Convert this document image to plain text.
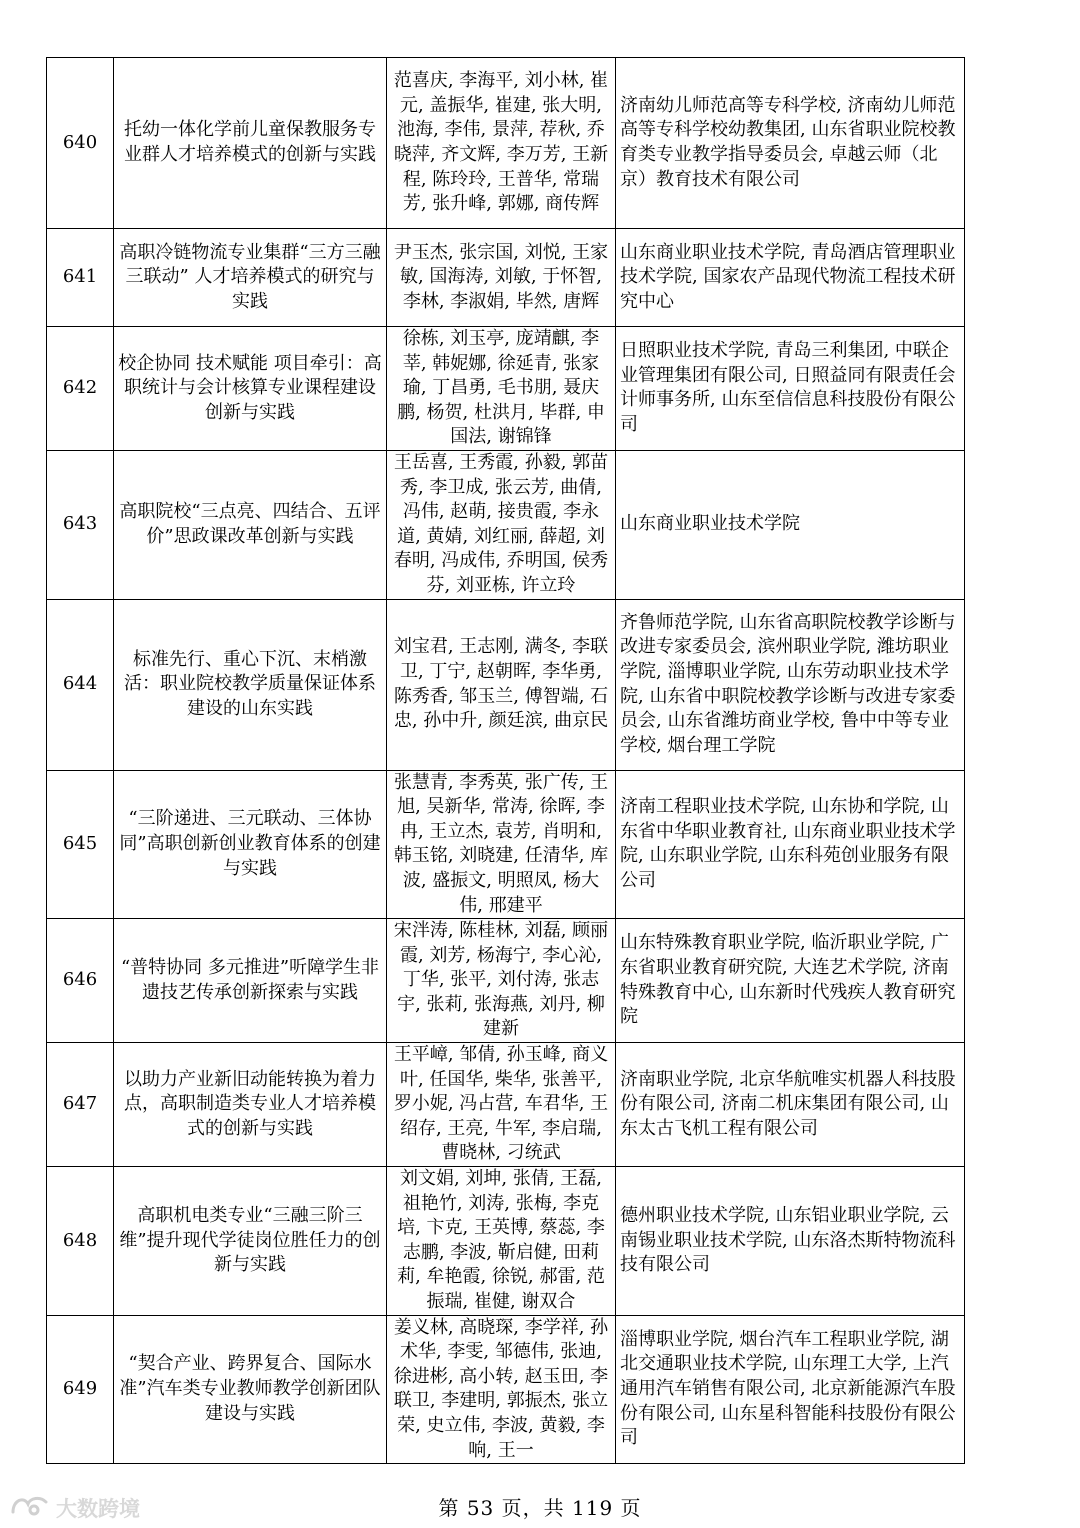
640	托幼一体化学前儿童保教服务专业群人才培养模式的创新与实践	范喜庆, 李海平, 刘小林, 崔元, 盖振华, 崔建, 张大明, 池海, 李伟, 景萍, 荐秋, 乔晓萍, 齐文辉, 李万芳, 王新程, 陈玲玲, 王普华, 常瑞芳, 张升峰, 郭娜, 商传辉	济南幼儿师范高等专科学校, 济南幼儿师范高等专科学校幼教集团, 山东省职业院校教育类专业教学指导委员会, 卓越云师（北京）教育技术有限公司
641	高职冷链物流专业集群“三方三融三联动” 人才培养模式的研究与实践	尹玉杰, 张宗国, 刘悦, 王家敏, 国海涛, 刘敏, 于怀智, 李林, 李淑娟, 毕然, 唐辉	山东商业职业技术学院, 青岛酒店管理职业技术学院, 国家农产品现代物流工程技术研究中心
642	校企协同 技术赋能 项目牵引：高职统计与会计核算专业课程建设创新与实践	徐栋, 刘玉亭, 庞靖麒, 李莘, 韩妮娜, 徐延青, 张家瑜, 丁昌勇, 毛书朋, 聂庆鹏, 杨贺, 杜洪月, 毕群, 申国法, 谢锦锋	日照职业技术学院, 青岛三利集团, 中联企业管理集团有限公司, 日照益同有限责任会计师事务所, 山东至信信息科技股份有限公司
643	高职院校“三点亮、四结合、五评价”思政课改革创新与实践	王岳喜, 王秀霞, 孙毅, 郭苗秀, 李卫成, 张云芳, 曲倩, 冯伟, 赵萌, 接贵霞, 李永道, 黄婧, 刘红丽, 薛超, 刘春明, 冯成伟, 乔明国, 侯秀芬, 刘亚栋, 许立玲	山东商业职业技术学院
644	标准先行、重心下沉、末梢激活：职业院校教学质量保证体系建设的山东实践	刘宝君, 王志刚, 满冬, 李联卫, 丁宁, 赵朝晖, 李华勇, 陈秀香, 邹玉兰, 傅智端, 石忠, 孙中升, 颜廷滨, 曲京民	齐鲁师范学院, 山东省高职院校教学诊断与改进专家委员会, 滨州职业学院, 潍坊职业学院, 淄博职业学院, 山东劳动职业技术学院, 山东省中职院校教学诊断与改进专家委员会, 山东省潍坊商业学校, 鲁中中等专业学校, 烟台理工学院
645	“三阶递进、三元联动、三体协同”高职创新创业教育体系的创建与实践	张慧青, 李秀英, 张广传, 王旭, 吴新华, 常涛, 徐晖, 李冉, 王立杰, 袁芳, 肖明和, 韩玉铭, 刘晓建, 任清华, 库波, 盛振文, 明照凤, 杨大伟, 邢建平	济南工程职业技术学院, 山东协和学院, 山东省中华职业教育社, 山东商业职业技术学院, 山东职业学院, 山东科苑创业服务有限公司
646	“普特协同 多元推进”听障学生非遗技艺传承创新探索与实践	宋泮涛, 陈桂林, 刘磊, 顾丽霞, 刘芳, 杨海宁, 李心沁, 丁华, 张平, 刘付涛, 张志宇, 张莉, 张海燕, 刘丹, 柳建新	山东特殊教育职业学院, 临沂职业学院, 广东省职业教育研究院, 大连艺术学院, 济南特殊教育中心, 山东新时代残疾人教育研究院
647	以助力产业新旧动能转换为着力点，高职制造类专业人才培养模式的创新与实践	王平嶂, 邹倩, 孙玉峰, 商义叶, 任国华, 柴华, 张善平, 罗小妮, 冯占营, 车君华, 王绍存, 王亮, 牛军, 李启瑞, 曹晓林, 刁统武	济南职业学院, 北京华航唯实机器人科技股份有限公司, 济南二机床集团有限公司, 山东太古飞机工程有限公司
648	高职机电类专业“三融三阶三维”提升现代学徒岗位胜任力的创新与实践	刘文娟, 刘坤, 张倩, 王磊, 祖艳竹, 刘涛, 张梅, 李克培, 卞克, 王英博, 蔡蕊, 李志鹏, 李波, 靳启健, 田莉莉, 牟艳霞, 徐锐, 郝雷, 范振瑞, 崔健, 谢双合	德州职业技术学院, 山东铝业职业学院, 云南锡业职业技术学院, 山东洛杰斯特物流科技有限公司
649	“契合产业、跨界复合、国际水准”汽车类专业教师教学创新团队建设与实践	姜义林, 高晓琛, 李学祥, 孙术华, 李雯, 邹德伟, 张迪, 徐进彬, 高小转, 赵玉田, 李联卫, 李建明, 郭振杰, 张立荣, 史立伟, 李波, 黄毅, 李响, 王一	淄博职业学院, 烟台汽车工程职业学院, 湖北交通职业技术学院, 山东理工大学, 上汽通用汽车销售有限公司, 北京新能源汽车股份有限公司, 山东星科智能科技股份有限公司
大数跨境	第 53 页，共 119 页
